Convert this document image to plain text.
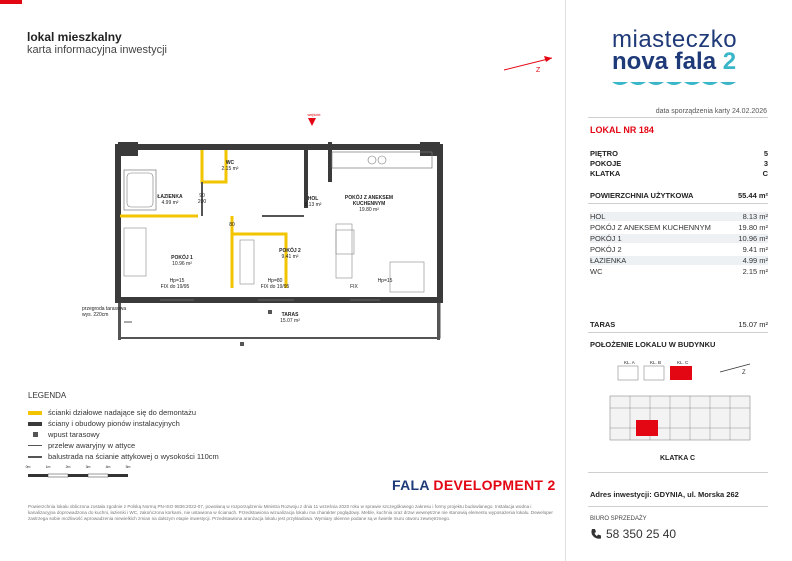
lokal mieszkalny
karta informacyjna inwestycji
Z
miasteczko
nova fala 2
data sporządzenia karty 24.02.2026
LOKAL NR 184
PIĘTRO	5
POKOJE	3
KLATKA	C
POWIERZCHNIA UŻYTKOWA	55.44 m²
HOL	8.13 m²
POKÓJ Z ANEKSEM KUCHENNYM	19.80 m²
POKÓJ 1	10.96 m²
POKÓJ 2	9.41 m²
ŁAZIENKA	4.99 m²
WC	2.15 m²
TARAS	15.07 m²
POŁOŻENIE LOKALU W BUDYNKU
Z
KL. A	KL. B	KL. C
KLATKA C
WC
2.15 m²
ŁAZIENKA
4.99 m²
HOL
8.13 m²
POKÓJ Z ANEKSEM KUCHENNYM
19.80 m²
POKÓJ 1
10.96 m²
POKÓJ 2
9.41 m²
TARAS
15.07 m²
FIX do 19/95	FIX do 19/95	FIX
Hp=15	Hp=80	Hp=15
przegroda tarasowa
wys. 220cm
90
200
80
wejście
LEGENDA
ścianki działowe nadające się do demontażu
ściany i obudowy pionów instalacyjnych
wpust tarasowy
przelew awaryjny w attyce
balustrada na ścianie attykowej o wysokości 110cm
0m	1m	2m	3m	4m	5m
FALA DEVELOPMENT 2
Powierzchnia lokalu obliczona została zgodnie z Polską Normą PN-ISO 9836:2022-07, powołaną w rozporządzeniu Ministra Rozwoju z dnia 11 września 2020 roku w sprawie szczegółowego zakresu i formy projektu budowlanego. Instalacja wodna i kanalizacyjna doprowadzona do kuchni, łazienki i WC, zakończona korkami, nie ustawiona w ścianach. Przedstawiona wizualizacja lokalu ma charakter poglądowy. Meble, kuchnia oraz drzwi wewnętrzne nie stanowią elementu wyposażenia lokalu. Deweloper zastrzega sobie możliwość wprowadzenia niewielkich zmian na dalszym etapie inwestycji. Przedstawiona aranżacja lokalu jest przykładowa. Wymiary okienne podane są w świetle muru otworu zewnętrznego.
Adres inwestycji: GDYNIA, ul. Morska 262
BIURO SPRZEDAŻY
58 350 25 40
